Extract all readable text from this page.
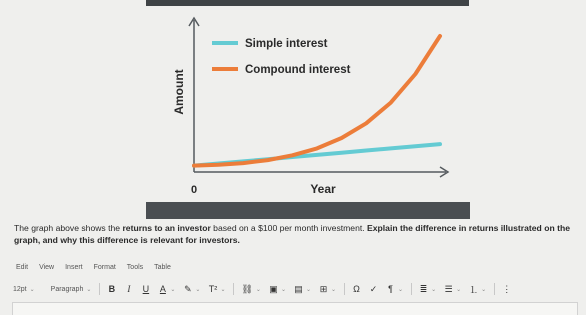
Simple interest
Compound interest
Amount
Year
0

The graph above shows the returns to an investor based on a $100 per month investment. Explain the difference in returns illustrated on the graph, and why this difference is relevant for investors.

Edit View Insert Format Tools Table
12pt ⌄ Paragraph ⌄ B	I	U A ⌄ ✎ ⌄ T² ⌄ ⛓ ⌄ ▣ ⌄ ▤ ⌄ ⊞ ⌄ Ω ✓ ¶ ⌄ ≣ ⌄ ☰ ⌄ ⒈ ⌄ ⋮
